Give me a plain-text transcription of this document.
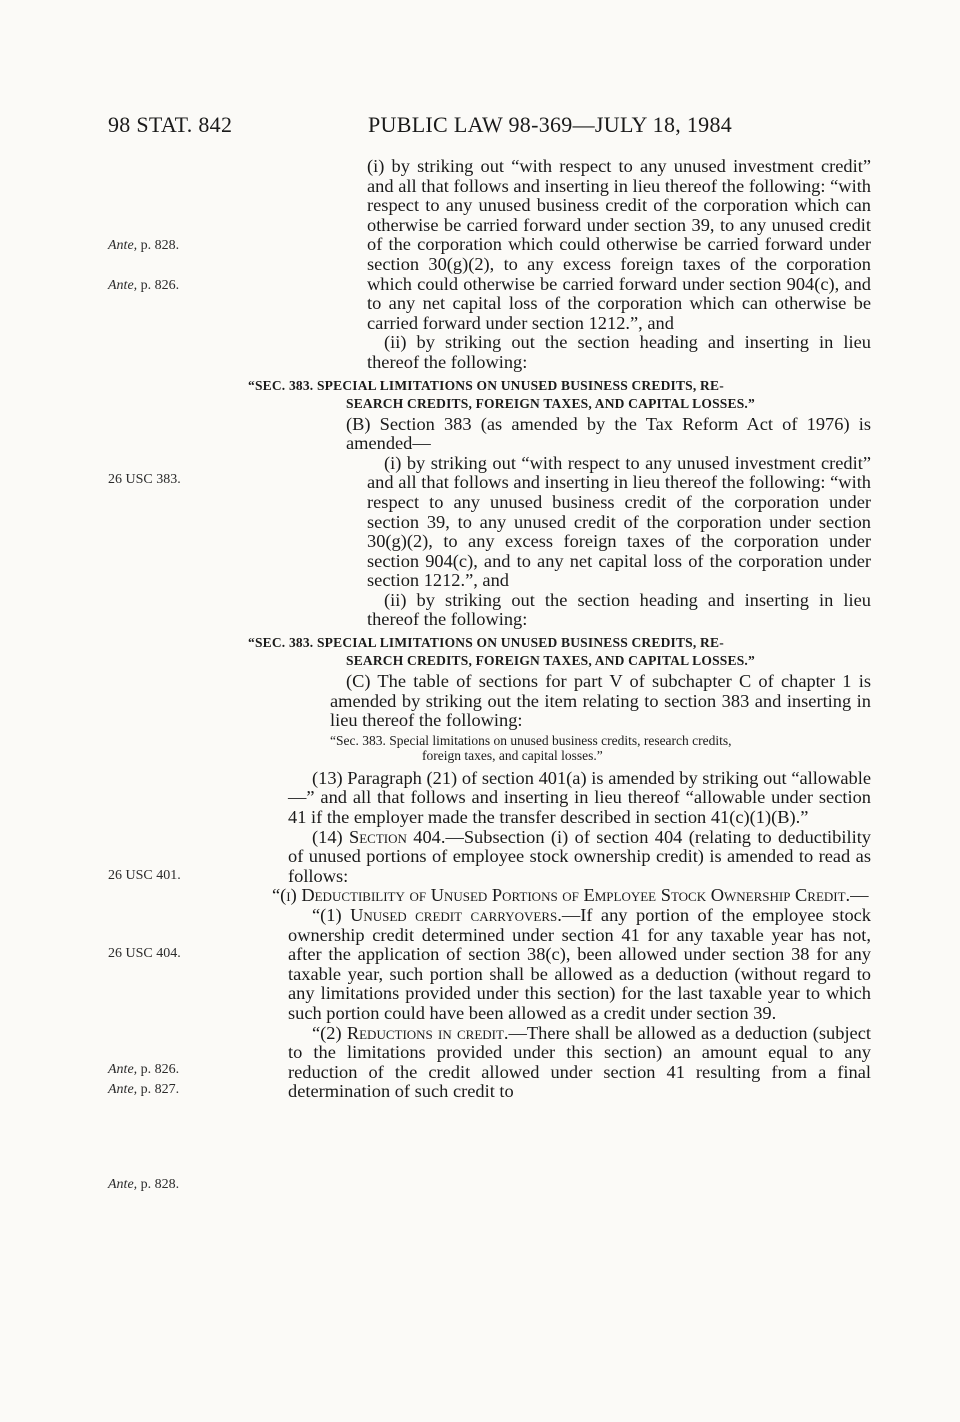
98 STAT. 842	PUBLIC LAW 98-369—JULY 18, 1984
Ante, p. 828.
Ante, p. 826.
26 USC 383.
26 USC 401.
26 USC 404.
Ante, p. 826.
Ante, p. 827.
Ante, p. 828.

(i) by striking out “with respect to any unused investment credit” and all that follows and inserting in lieu thereof the following: “with respect to any unused business credit of the corporation which can otherwise be carried forward under section 39, to any unused credit of the corporation which could otherwise be carried forward under section 30(g)(2), to any excess foreign taxes of the corporation which could otherwise be carried forward under section 904(c), and to any net capital loss of the corporation which can otherwise be carried forward under section 1212.”, and

(ii) by striking out the section heading and inserting in lieu thereof the following:

“SEC. 383. SPECIAL LIMITATIONS ON UNUSED BUSINESS CREDITS, RE-
SEARCH CREDITS, FOREIGN TAXES, AND CAPITAL LOSSES.”

(B) Section 383 (as amended by the Tax Reform Act of 1976) is amended—

(i) by striking out “with respect to any unused investment credit” and all that follows and inserting in lieu thereof the following: “with respect to any unused business credit of the corporation under section 39, to any unused credit of the corporation under section 30(g)(2), to any excess foreign taxes of the corporation under section 904(c), and to any net capital loss of the corporation under section 1212.”, and

(ii) by striking out the section heading and inserting in lieu thereof the following:

“SEC. 383. SPECIAL LIMITATIONS ON UNUSED BUSINESS CREDITS, RE-
SEARCH CREDITS, FOREIGN TAXES, AND CAPITAL LOSSES.”

(C) The table of sections for part V of subchapter C of chapter 1 is amended by striking out the item relating to section 383 and inserting in lieu thereof the following:

“Sec. 383. Special limitations on unused business credits, research credits,
foreign taxes, and capital losses.”

(13) Paragraph (21) of section 401(a) is amended by striking out “allowable—” and all that follows and inserting in lieu thereof “allowable under section 41 if the employer made the transfer described in section 41(c)(1)(B).”

(14) Section 404.—Subsection (i) of section 404 (relating to deductibility of unused portions of employee stock ownership credit) is amended to read as follows:

“(i) Deductibility of Unused Portions of Employee Stock Ownership Credit.—

“(1) Unused credit carryovers.—If any portion of the employee stock ownership credit determined under section 41 for any taxable year has not, after the application of section 38(c), been allowed under section 38 for any taxable year, such portion shall be allowed as a deduction (without regard to any limitations provided under this section) for the last taxable year to which such portion could have been allowed as a credit under section 39.

“(2) Reductions in credit.—There shall be allowed as a deduction (subject to the limitations provided under this section) an amount equal to any reduction of the credit allowed under section 41 resulting from a final determination of such credit to
